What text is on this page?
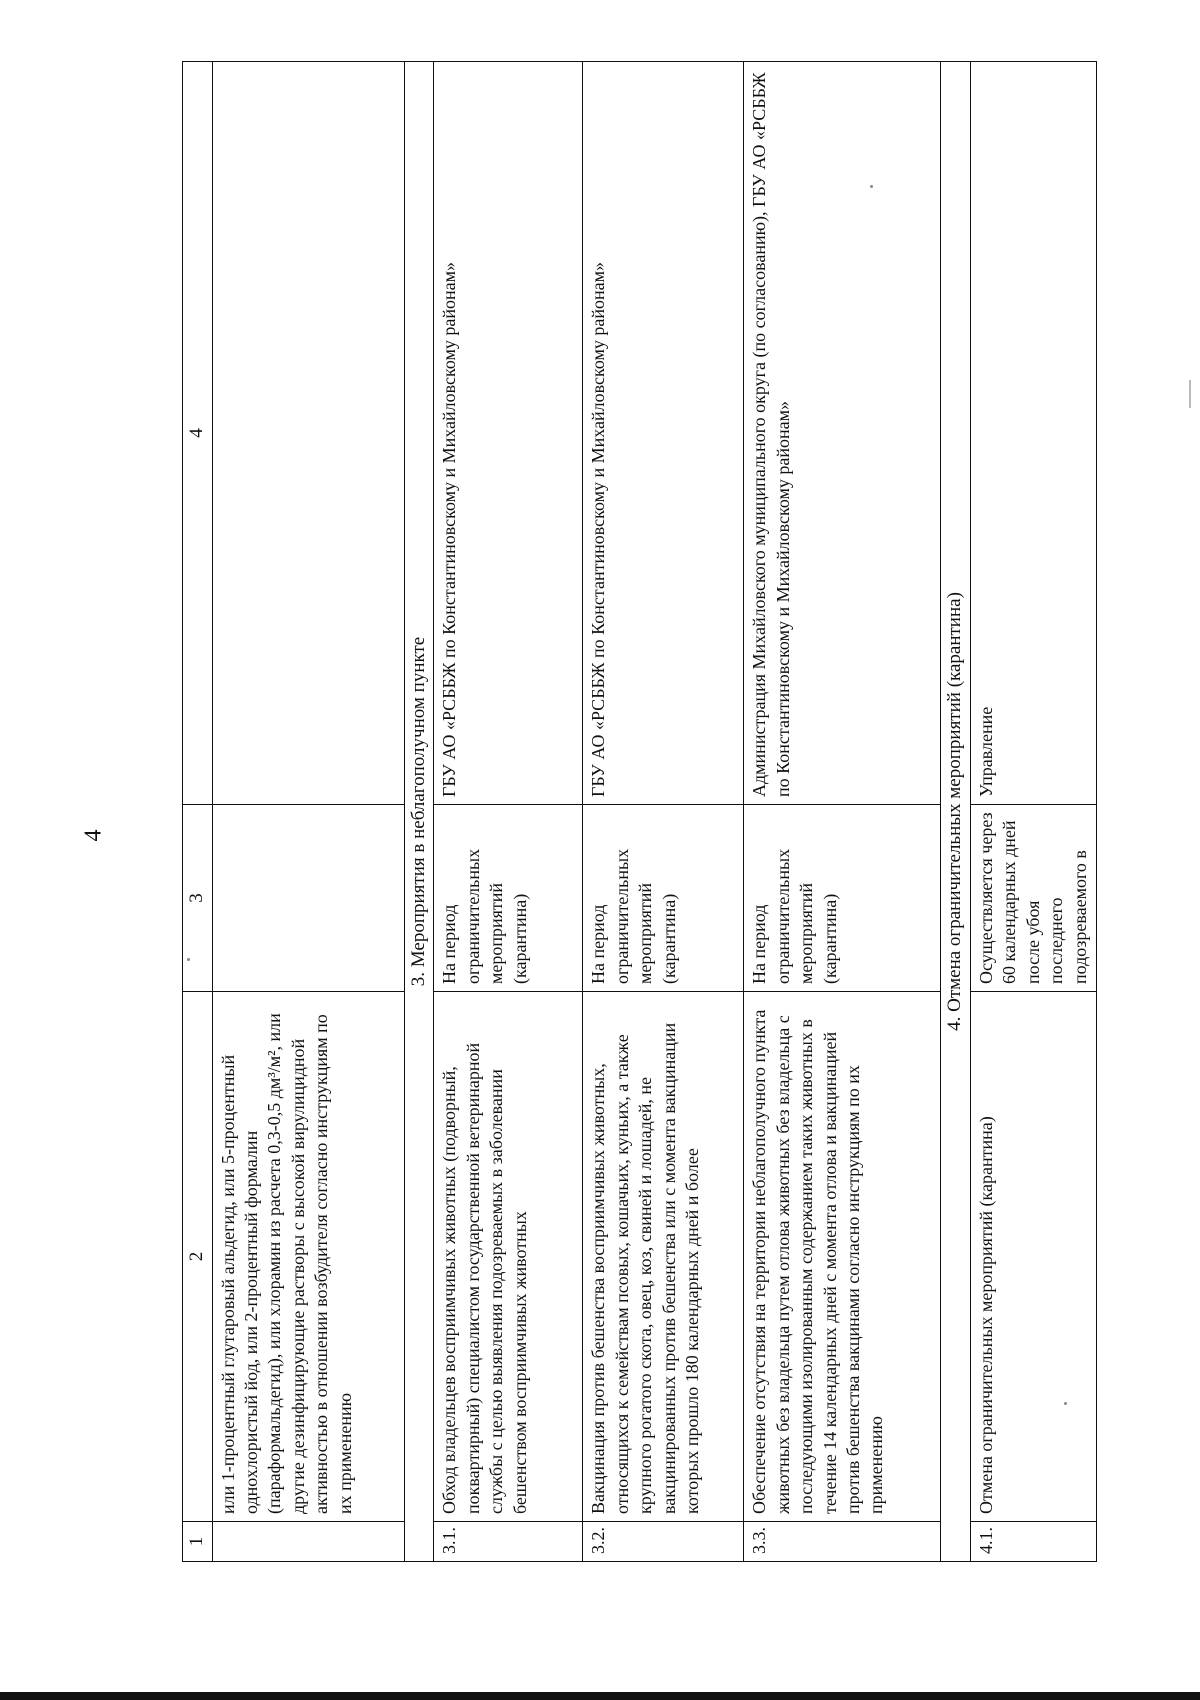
4
1	2	3	4
	или 1-процентный глутаровый альдегид, или 5-процентный однохлористый йод, или 2-процентный формалин (параформальдегид), или хлорамин из расчета 0,3-0,5 дм³/м², или другие дезинфицирующие растворы с высокой вирулицидной активностью в отношении возбудителя согласно инструкциям по их применению		
3. Мероприятия в неблагополучном пункте			
3.1.	Обход владельцев восприимчивых животных (подворный, поквартирный) специалистом государственной ветеринарной службы с целью выявления подозреваемых в заболевании бешенством восприимчивых животных	На период ограничительных мероприятий (карантина)	ГБУ АО «РСББЖ по Константиновскому и Михайловскому районам»
3.2.	Вакцинация против бешенства восприимчивых животных, относящихся к семействам псовых, кошачьих, куньих, а также крупного рогатого скота, овец, коз, свиней и лошадей, не вакцинированных против бешенства или с момента вакцинации которых прошло 180 календарных дней и более	На период ограничительных мероприятий (карантина)	ГБУ АО «РСББЖ по Константиновскому и Михайловскому районам»
3.3.	Обеспечение отсутствия на территории неблагополучного пункта животных без владельца путем отлова животных без владельца с последующими изолированным содержанием таких животных в течение 14 календарных дней с момента отлова и вакцинацией против бешенства вакцинами согласно инструкциям по их применению	На период ограничительных мероприятий (карантина)	Администрация Михайловского муниципального округа (по согласованию), ГБУ АО «РСББЖ по Константиновскому и Михайловскому районам»
4. Отмена ограничительных мероприятий (карантина)			
4.1.	Отмена ограничительных мероприятий (карантина)	Осуществляется через 60 календарных дней после убоя последнего подозреваемого в	Управление
